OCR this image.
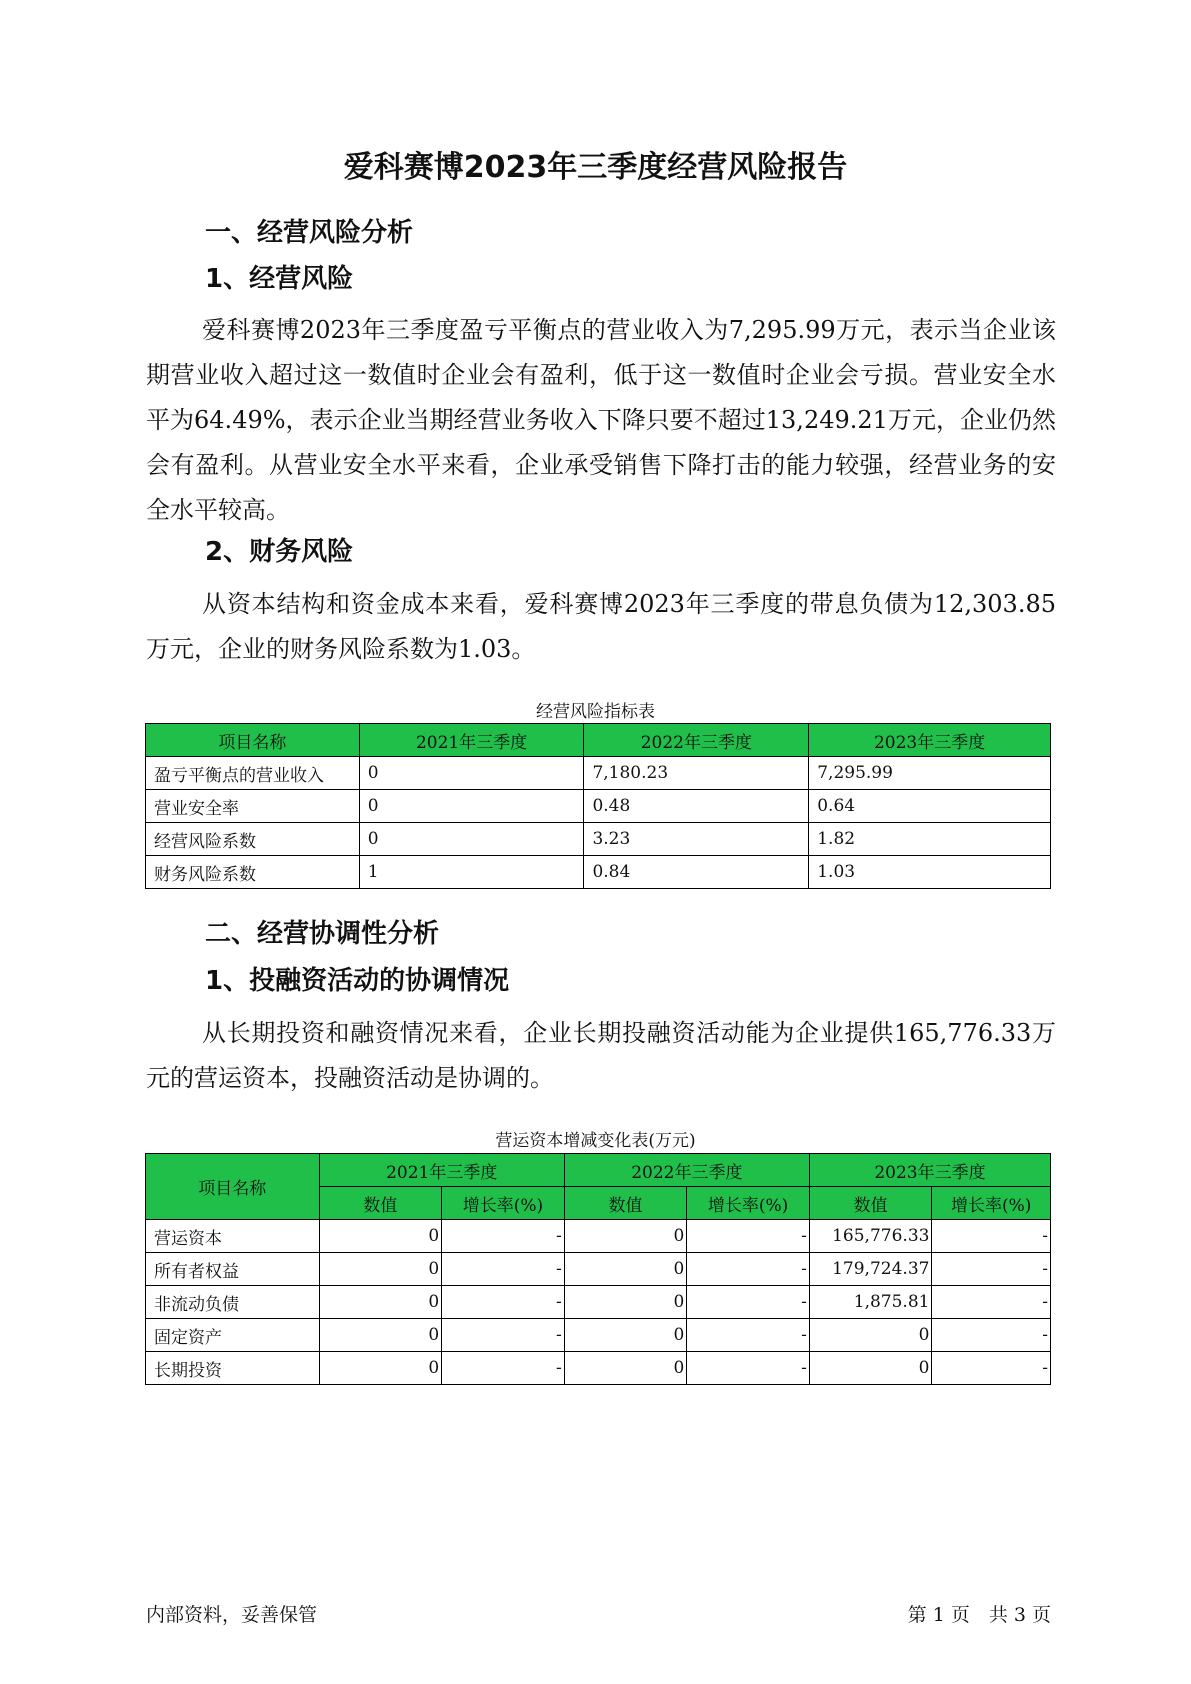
爱科赛博2023年三季度经营风险报告
一、经营风险分析
1、经营风险

爱科赛博2023年三季度盈亏平衡点的营业收入为7,295.99万元，表示当企业该期营业收入超过这一数值时企业会有盈利，低于这一数值时企业会亏损。营业安全水平为64.49%，表示企业当期经营业务收入下降只要不超过13,249.21万元，企业仍然会有盈利。从营业安全水平来看，企业承受销售下降打击的能力较强，经营业务的安全水平较高。

2、财务风险

从资本结构和资金成本来看，爱科赛博2023年三季度的带息负债为12,303.85万元，企业的财务风险系数为1.03。

经营风险指标表
项目名称	2021年三季度	2022年三季度	2023年三季度
盈亏平衡点的营业收入	0	7,180.23	7,295.99
营业安全率	0	0.48	0.64
经营风险系数	0	3.23	1.82
财务风险系数	1	0.84	1.03
二、经营协调性分析
1、投融资活动的协调情况

从长期投资和融资情况来看，企业长期投融资活动能为企业提供165,776.33万元的营运资本，投融资活动是协调的。

营运资本增减变化表(万元)
项目名称	2021年三季度		2022年三季度		2023年三季度	
	数值	增长率(%)	数值	增长率(%)	数值	增长率(%)
营运资本	0	-	0	-	165,776.33	-
所有者权益	0	-	0	-	179,724.37	-
非流动负债	0	-	0	-	1,875.81	-
固定资产	0	-	0	-	0	-
长期投资	0	-	0	-	0	-
内部资料，妥善保管	第 1 页　共 3 页
